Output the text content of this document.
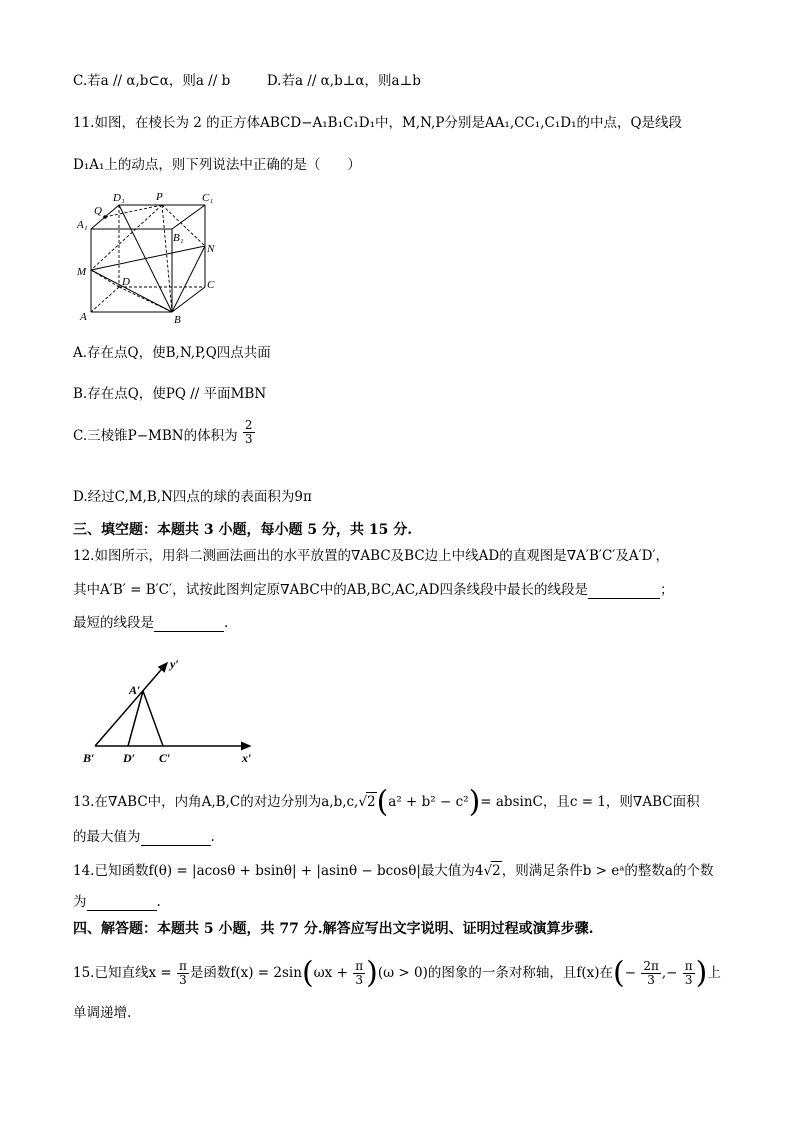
C.若a // α,b⊂α，则a // b	D.若a // α,b⊥α，则a⊥b
11.如图，在棱长为 2 的正方体ABCD−A₁B₁C₁D₁中，M,N,P分别是AA₁,CC₁,C₁D₁的中点，Q是线段
D₁A₁上的动点，则下列说法中正确的是（　　）
Q
D₁	P	C₁
A₁
B₁
N
M
D	C
A	B
A.存在点Q，使B,N,P,Q四点共面
B.存在点Q，使PQ // 平面MBN
C.三棱锥P−MBN的体积为 $\frac{2}{3}$
D.经过C,M,B,N四点的球的表面积为9π
三、填空题：本题共 3 小题，每小题 5 分，共 15 分.
12.如图所示，用斜二测画法画出的水平放置的∇ABC及BC边上中线AD的直观图是∇A′B′C′及A′D′，
其中A′B′ = B′C′，试按此图判定原∇ABC中的AB,BC,AC,AD四条线段中最长的线段是	；
最短的线段是	.
y′
A′
B′ D′ C′	x′
13.在∇ABC中，内角A,B,C的对边分别为a,b,c,√2(a² + b² − c²)= absinC，且c = 1，则∇ABC面积
的最大值为	.
14.已知函数f(θ) = |acosθ + bsinθ| + |asinθ − bcosθ|最大值为4√2，则满足条件b > eᵃ的整数a的个数
为	.
四、解答题：本题共 5 小题，共 77 分.解答应写出文字说明、证明过程或演算步骤.
15.已知直线$x = \frac{\pi}{3}$ 是函数$f(x) = 2\sin(\omega x + \frac{\pi}{3} )(\omega > 0)$的图象的一条对称轴，且f(x)在(− $\frac{2\pi}{3}$ ,− $\frac{\pi}{3}$ )上
单调递增.
